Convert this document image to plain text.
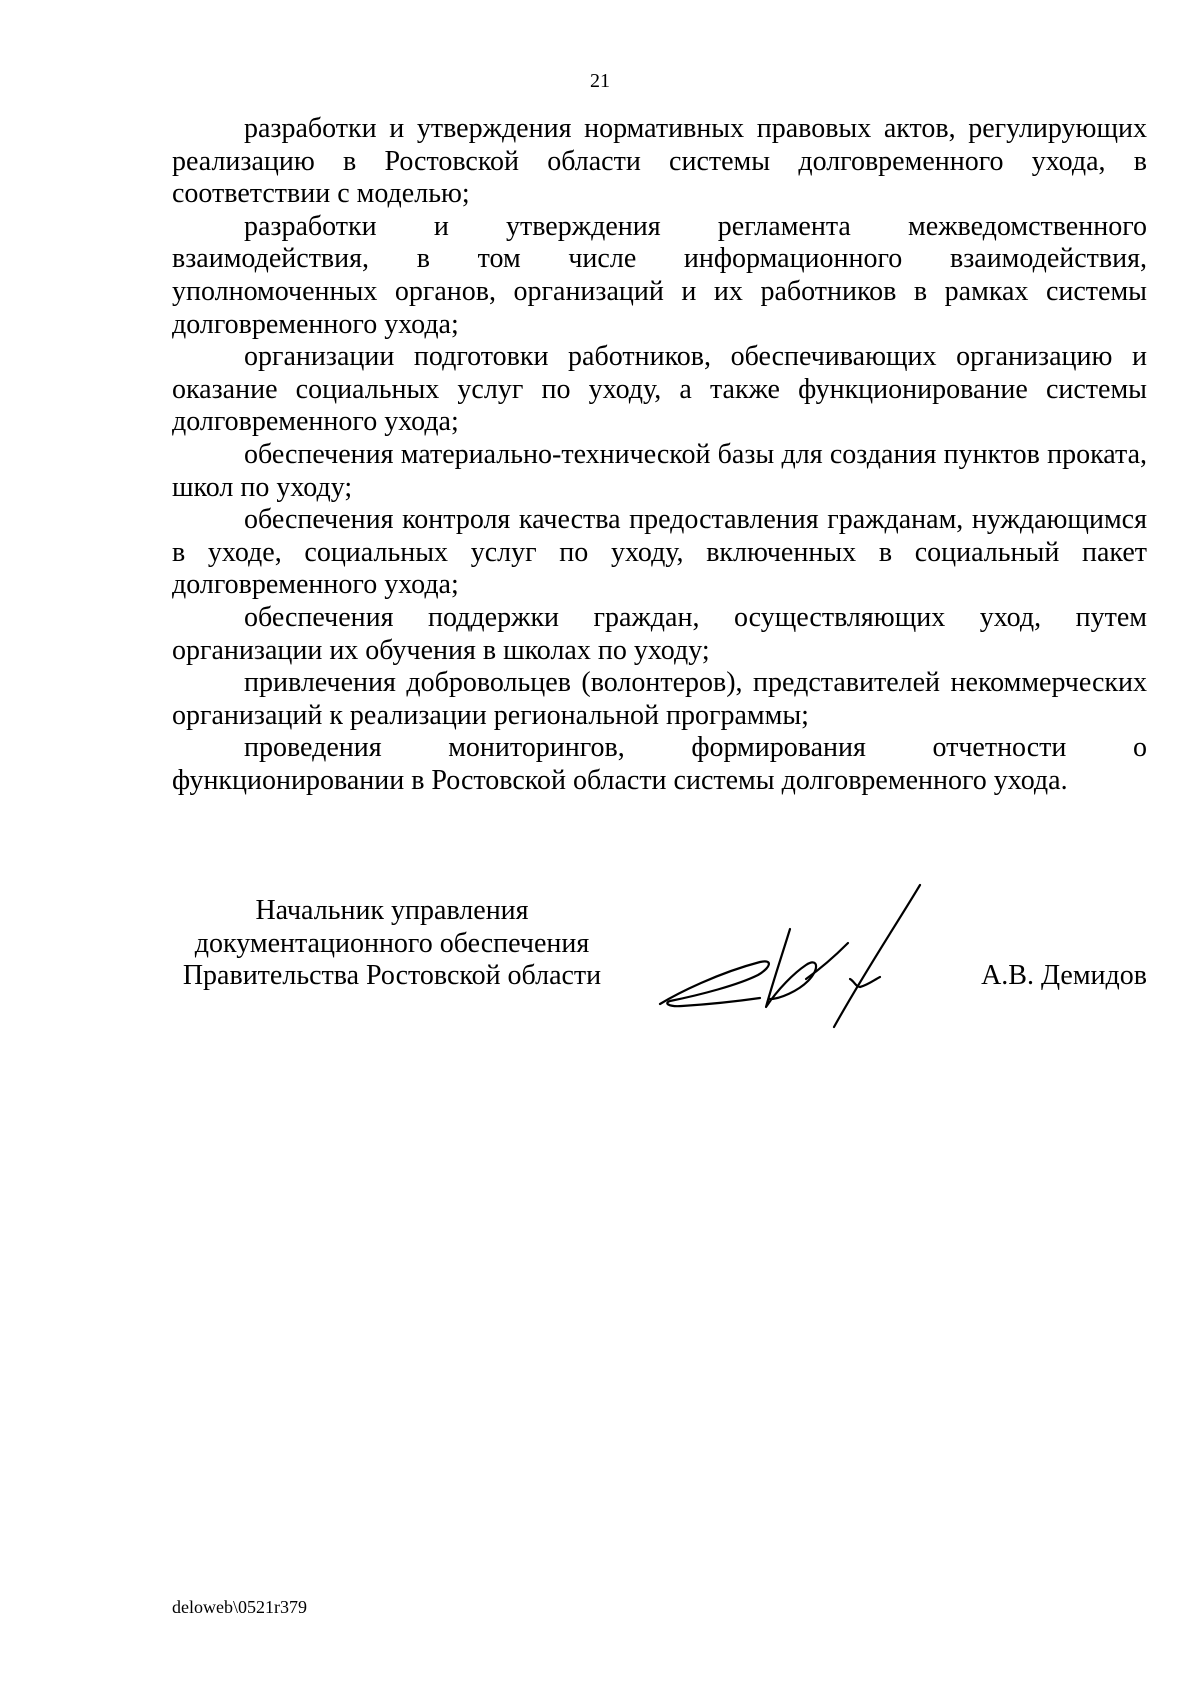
21

разработки и утверждения нормативных правовых актов, регулирующих реализацию в Ростовской области системы долговременного ухода, в соответствии с моделью;

разработки и утверждения регламента межведомственного взаимодействия, в том числе информационного взаимодействия, уполномоченных органов, организаций и их работников в рамках системы долговременного ухода;

организации подготовки работников, обеспечивающих организацию и оказание социальных услуг по уходу, а также функционирование системы долговременного ухода;

обеспечения материально-технической базы для создания пунктов проката, школ по уходу;

обеспечения контроля качества предоставления гражданам, нуждающимся в уходе, социальных услуг по уходу, включенных в социальный пакет долговременного ухода;

обеспечения поддержки граждан, осуществляющих уход, путем организации их обучения в школах по уходу;

привлечения добровольцев (волонтеров), представителей некоммерческих организаций к реализации региональной программы;

проведения мониторингов, формирования отчетности о функционировании в Ростовской области системы долговременного ухода.

Начальник управления
документационного обеспечения
Правительства Ростовской области	А.В. Демидов
deloweb\0521r379
